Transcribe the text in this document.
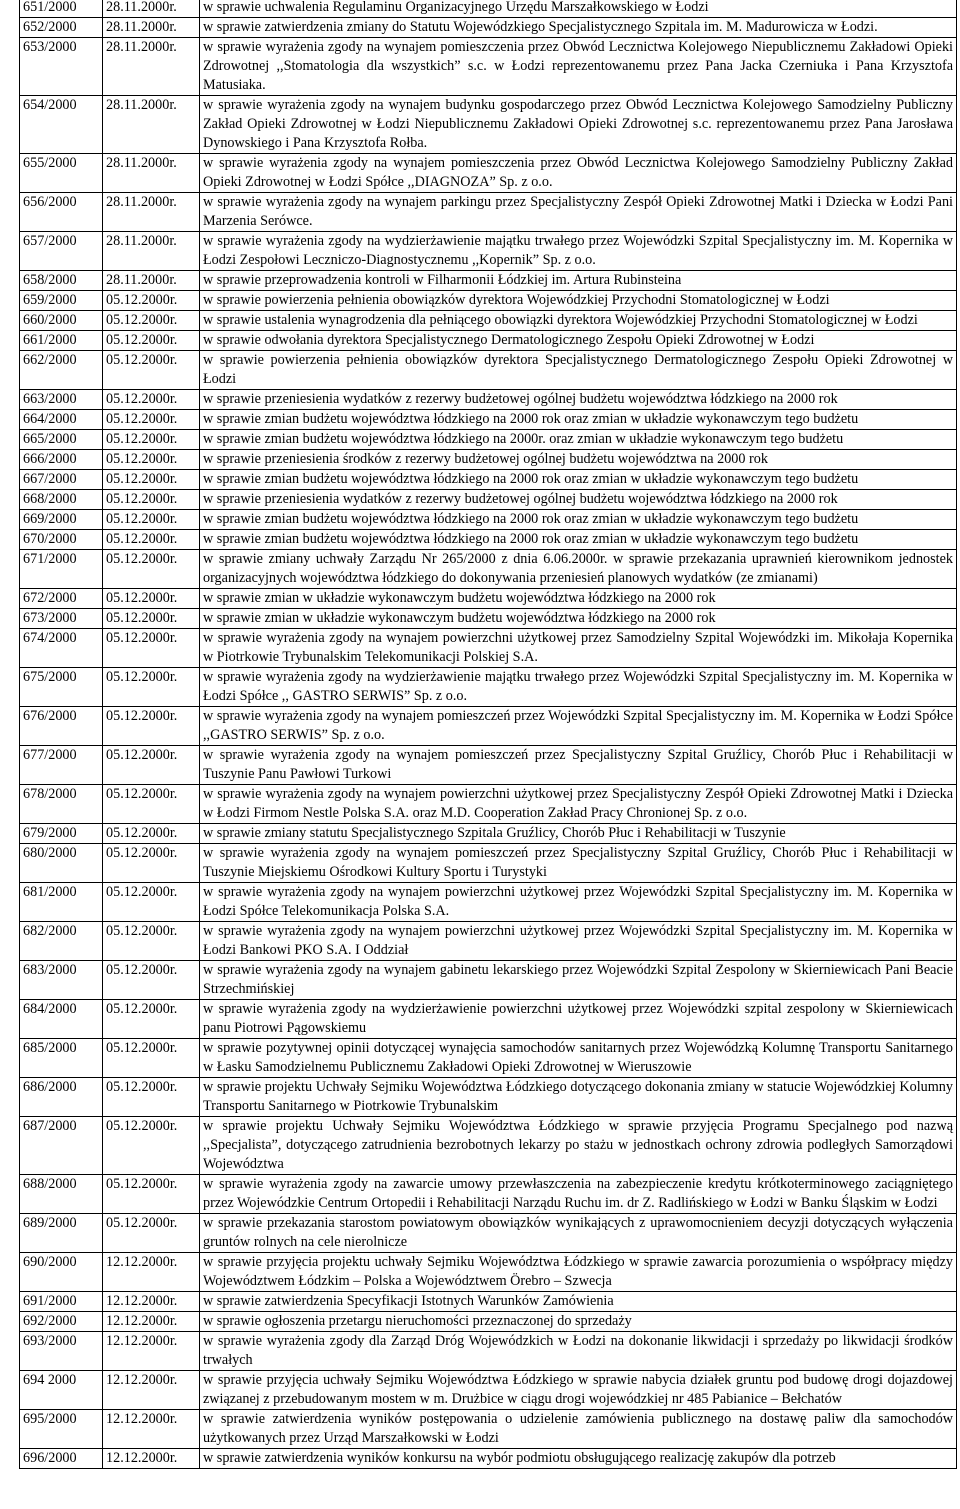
651/2000	28.11.2000r.	w sprawie uchwalenia Regulaminu Organizacyjnego Urzędu Marszałkowskiego w Łodzi
652/2000	28.11.2000r.	w sprawie zatwierdzenia zmiany do Statutu Wojewódzkiego Specjalistycznego Szpitala im. M. Madurowicza w Łodzi.
653/2000	28.11.2000r.	w sprawie wyrażenia zgody na wynajem pomieszczenia przez Obwód Lecznictwa Kolejowego Niepublicznemu Zakładowi Opieki Zdrowotnej ,,Stomatologia dla wszystkich” s.c. w Łodzi reprezentowanemu przez Pana Jacka Czerniuka i Pana Krzysztofa Matusiaka.
654/2000	28.11.2000r.	w sprawie wyrażenia zgody na wynajem budynku gospodarczego przez Obwód Lecznictwa Kolejowego Samodzielny Publiczny Zakład Opieki Zdrowotnej w Łodzi Niepublicznemu Zakładowi Opieki Zdrowotnej s.c. reprezentowanemu przez Pana Jarosława Dynowskiego i Pana Krzysztofa Rołba.
655/2000	28.11.2000r.	w sprawie wyrażenia zgody na wynajem pomieszczenia przez Obwód Lecznictwa Kolejowego Samodzielny Publiczny Zakład Opieki Zdrowotnej w Łodzi Spółce ,,DIAGNOZA” Sp. z o.o.
656/2000	28.11.2000r.	w sprawie wyrażenia zgody na wynajem parkingu przez Specjalistyczny Zespół Opieki Zdrowotnej Matki i Dziecka w Łodzi Pani Marzenia Serówce.
657/2000	28.11.2000r.	w sprawie wyrażenia zgody na wydzierżawienie majątku trwałego przez Wojewódzki Szpital Specjalistyczny im. M. Kopernika w Łodzi Zespołowi Leczniczo-Diagnostycznemu ,,Kopernik” Sp. z o.o.
658/2000	28.11.2000r.	w sprawie przeprowadzenia kontroli w Filharmonii Łódzkiej im. Artura Rubinsteina
659/2000	05.12.2000r.	w sprawie powierzenia pełnienia obowiązków dyrektora Wojewódzkiej Przychodni Stomatologicznej w Łodzi
660/2000	05.12.2000r.	w sprawie ustalenia wynagrodzenia dla pełniącego obowiązki dyrektora Wojewódzkiej Przychodni Stomatologicznej w Łodzi
661/2000	05.12.2000r.	w sprawie odwołania dyrektora Specjalistycznego Dermatologicznego Zespołu Opieki Zdrowotnej w Łodzi
662/2000	05.12.2000r.	w sprawie powierzenia pełnienia obowiązków dyrektora Specjalistycznego Dermatologicznego Zespołu Opieki Zdrowotnej w Łodzi
663/2000	05.12.2000r.	w sprawie przeniesienia wydatków z rezerwy budżetowej ogólnej budżetu województwa łódzkiego na 2000 rok
664/2000	05.12.2000r.	w sprawie zmian budżetu województwa łódzkiego na 2000 rok oraz zmian w układzie wykonawczym tego budżetu
665/2000	05.12.2000r.	w sprawie zmian budżetu województwa łódzkiego na 2000r. oraz zmian w układzie wykonawczym tego budżetu
666/2000	05.12.2000r.	w sprawie przeniesienia środków z rezerwy budżetowej ogólnej budżetu województwa na 2000 rok
667/2000	05.12.2000r.	w sprawie zmian budżetu województwa łódzkiego na 2000 rok oraz zmian w układzie wykonawczym tego budżetu
668/2000	05.12.2000r.	w sprawie przeniesienia wydatków z rezerwy budżetowej ogólnej budżetu województwa łódzkiego na 2000 rok
669/2000	05.12.2000r.	w sprawie zmian budżetu województwa łódzkiego na 2000 rok oraz zmian w układzie wykonawczym tego budżetu
670/2000	05.12.2000r.	w sprawie zmian budżetu województwa łódzkiego na 2000 rok oraz zmian w układzie wykonawczym tego budżetu
671/2000	05.12.2000r.	w sprawie zmiany uchwały Zarządu Nr 265/2000 z dnia 6.06.2000r. w sprawie przekazania uprawnień kierownikom jednostek organizacyjnych województwa łódzkiego do dokonywania przeniesień planowych wydatków (ze zmianami)
672/2000	05.12.2000r.	w sprawie zmian w układzie wykonawczym budżetu województwa łódzkiego na 2000 rok
673/2000	05.12.2000r.	w sprawie zmian w układzie wykonawczym budżetu województwa łódzkiego na 2000 rok
674/2000	05.12.2000r.	w sprawie wyrażenia zgody na wynajem powierzchni użytkowej przez Samodzielny Szpital Wojewódzki im. Mikołaja Kopernika w Piotrkowie Trybunalskim Telekomunikacji Polskiej S.A.
675/2000	05.12.2000r.	w sprawie wyrażenia zgody na wydzierżawienie majątku trwałego przez Wojewódzki Szpital Specjalistyczny im. M. Kopernika w Łodzi Spółce ,, GASTRO SERWIS” Sp. z o.o.
676/2000	05.12.2000r.	w sprawie wyrażenia zgody na wynajem pomieszczeń przez Wojewódzki Szpital Specjalistyczny im. M. Kopernika w Łodzi Spółce ,,GASTRO SERWIS” Sp. z o.o.
677/2000	05.12.2000r.	w sprawie wyrażenia zgody na wynajem pomieszczeń przez Specjalistyczny Szpital Gruźlicy, Chorób Płuc i Rehabilitacji w Tuszynie Panu Pawłowi Turkowi
678/2000	05.12.2000r.	w sprawie wyrażenia zgody na wynajem powierzchni użytkowej przez Specjalistyczny Zespół Opieki Zdrowotnej Matki i Dziecka w Łodzi Firmom Nestle Polska S.A. oraz M.D. Cooperation Zakład Pracy Chronionej Sp. z o.o.
679/2000	05.12.2000r.	w sprawie zmiany statutu Specjalistycznego Szpitala Gruźlicy, Chorób Płuc i Rehabilitacji w Tuszynie
680/2000	05.12.2000r.	w sprawie wyrażenia zgody na wynajem pomieszczeń przez Specjalistyczny Szpital Gruźlicy, Chorób Płuc i Rehabilitacji w Tuszynie Miejskiemu Ośrodkowi Kultury Sportu i Turystyki
681/2000	05.12.2000r.	w sprawie wyrażenia zgody na wynajem powierzchni użytkowej przez Wojewódzki Szpital Specjalistyczny im. M. Kopernika w Łodzi Spółce Telekomunikacja Polska S.A.
682/2000	05.12.2000r.	w sprawie wyrażenia zgody na wynajem powierzchni użytkowej przez Wojewódzki Szpital Specjalistyczny im. M. Kopernika w Łodzi Bankowi PKO S.A. I Oddział
683/2000	05.12.2000r.	w sprawie wyrażenia zgody na wynajem gabinetu lekarskiego przez Wojewódzki Szpital Zespolony w Skierniewicach Pani Beacie Strzechmińskiej
684/2000	05.12.2000r.	w sprawie wyrażenia zgody na wydzierżawienie powierzchni użytkowej przez Wojewódzki szpital zespolony w Skierniewicach panu Piotrowi Pągowskiemu
685/2000	05.12.2000r.	w sprawie pozytywnej opinii dotyczącej wynajęcia samochodów sanitarnych przez Wojewódzką Kolumnę Transportu Sanitarnego w Łasku Samodzielnemu Publicznemu Zakładowi Opieki Zdrowotnej w Wieruszowie
686/2000	05.12.2000r.	w sprawie projektu Uchwały Sejmiku Województwa Łódzkiego dotyczącego dokonania zmiany w statucie Wojewódzkiej Kolumny Transportu Sanitarnego w Piotrkowie Trybunalskim
687/2000	05.12.2000r.	w sprawie projektu Uchwały Sejmiku Województwa Łódzkiego w sprawie przyjęcia Programu Specjalnego pod nazwą ,,Specjalista”, dotyczącego zatrudnienia bezrobotnych lekarzy po stażu w jednostkach ochrony zdrowia podległych Samorządowi Województwa
688/2000	05.12.2000r.	w sprawie wyrażenia zgody na zawarcie umowy przewłaszczenia na zabezpieczenie kredytu krótkoterminowego zaciągniętego przez Wojewódzkie Centrum Ortopedii i Rehabilitacji Narządu Ruchu im. dr Z. Radlińskiego w Łodzi w Banku Śląskim w Łodzi
689/2000	05.12.2000r.	w sprawie przekazania starostom powiatowym obowiązków wynikających z uprawomocnieniem decyzji dotyczących wyłączenia gruntów rolnych na cele nierolnicze
690/2000	12.12.2000r.	w sprawie przyjęcia projektu uchwały Sejmiku Województwa Łódzkiego w sprawie zawarcia porozumienia o współpracy między Województwem Łódzkim – Polska a Województwem Örebro – Szwecja
691/2000	12.12.2000r.	w sprawie zatwierdzenia Specyfikacji Istotnych Warunków Zamówienia
692/2000	12.12.2000r.	w sprawie ogłoszenia przetargu nieruchomości przeznaczonej do sprzedaży
693/2000	12.12.2000r.	w sprawie wyrażenia zgody dla Zarząd Dróg Wojewódzkich w Łodzi na dokonanie likwidacji i sprzedaży po likwidacji środków trwałych
694 2000	12.12.2000r.	w sprawie przyjęcia uchwały Sejmiku Województwa Łódzkiego w sprawie nabycia działek gruntu pod budowę drogi dojazdowej związanej z przebudowanym mostem w m. Drużbice w ciągu drogi wojewódzkiej nr 485 Pabianice – Bełchatów
695/2000	12.12.2000r.	w sprawie zatwierdzenia wyników postępowania o udzielenie zamówienia publicznego na dostawę paliw dla samochodów użytkowanych przez Urząd Marszałkowski w Łodzi
696/2000	12.12.2000r.	w sprawie zatwierdzenia wyników konkursu na wybór podmiotu obsługującego realizację zakupów dla potrzeb
